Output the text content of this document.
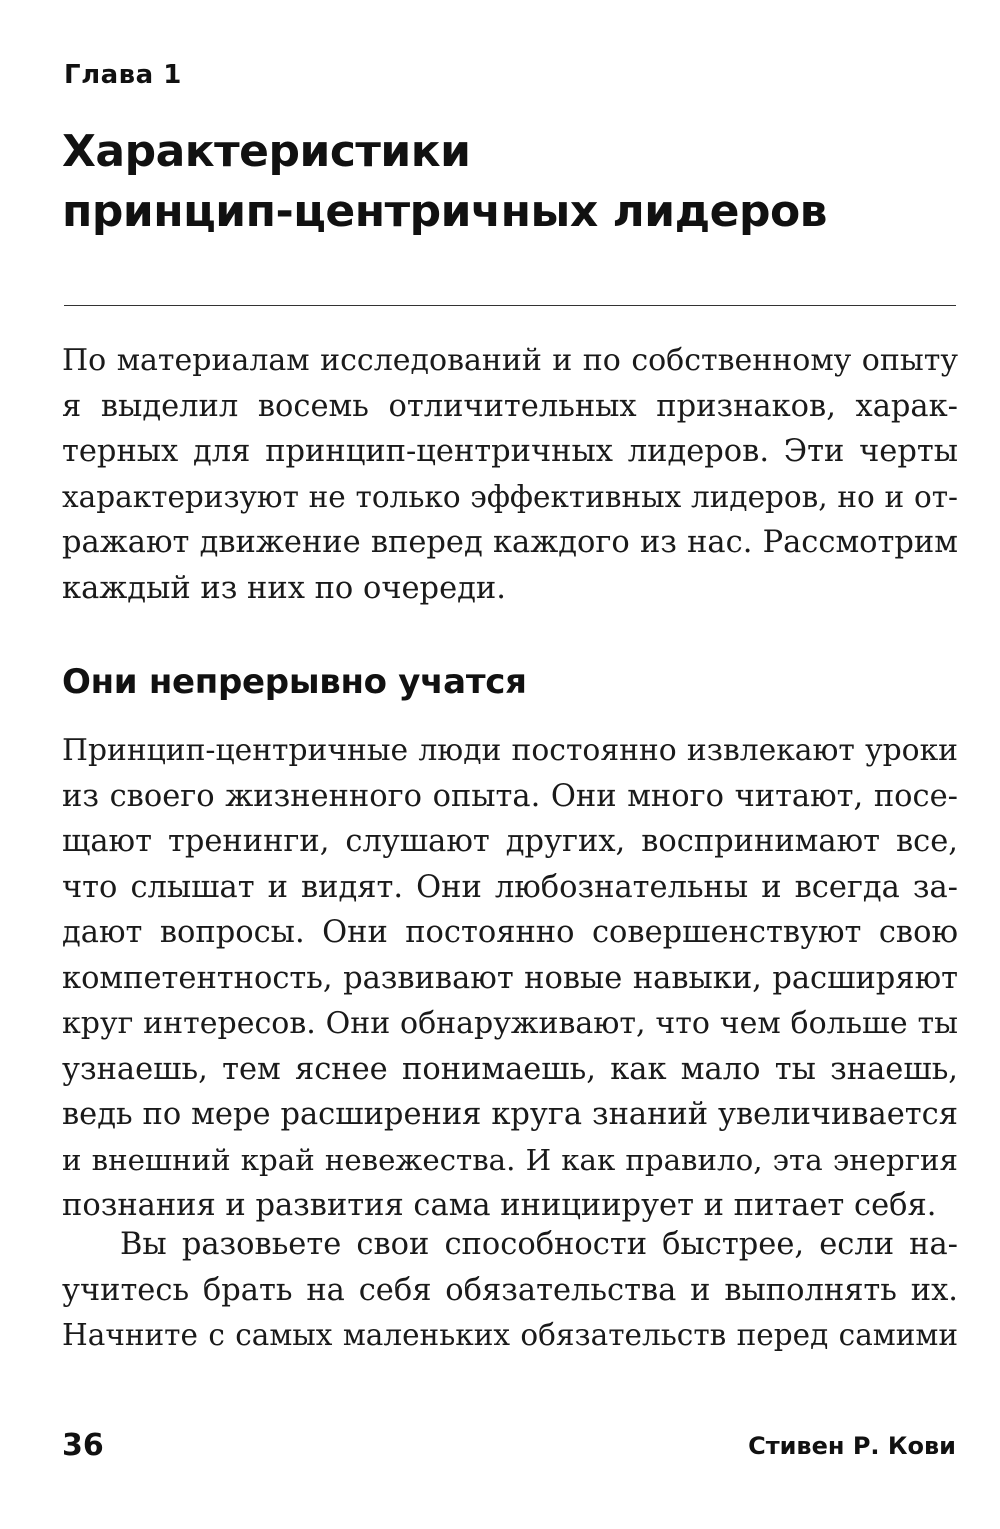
Глава 1
Характеристики
принцип-центричных лидеров

По материалам исследований и по собственному опыту
я выделил восемь отличительных признаков, харак-
терных для принцип-центричных лидеров. Эти черты
характеризуют не только эффективных лидеров, но и от-
ражают движение вперед каждого из нас. Рассмотрим
каждый из них по очереди.

Они непрерывно учатся

Принцип-центричные люди постоянно извлекают уроки
из своего жизненного опыта. Они много читают, посе-
щают тренинги, слушают других, воспринимают все,
что слышат и видят. Они любознательны и всегда за-
дают вопросы. Они постоянно совершенствуют свою
компетентность, развивают новые навыки, расширяют
круг интересов. Они обнаруживают, что чем больше ты
узнаешь, тем яснее понимаешь, как мало ты знаешь,
ведь по мере расширения круга знаний увеличивается
и внешний край невежества. И как правило, эта энергия
познания и развития сама инициирует и питает себя.

Вы разовьете свои способности быстрее, если на-
учитесь брать на себя обязательства и выполнять их.
Начните с самых маленьких обязательств перед самими

36	Стивен Р. Кови
